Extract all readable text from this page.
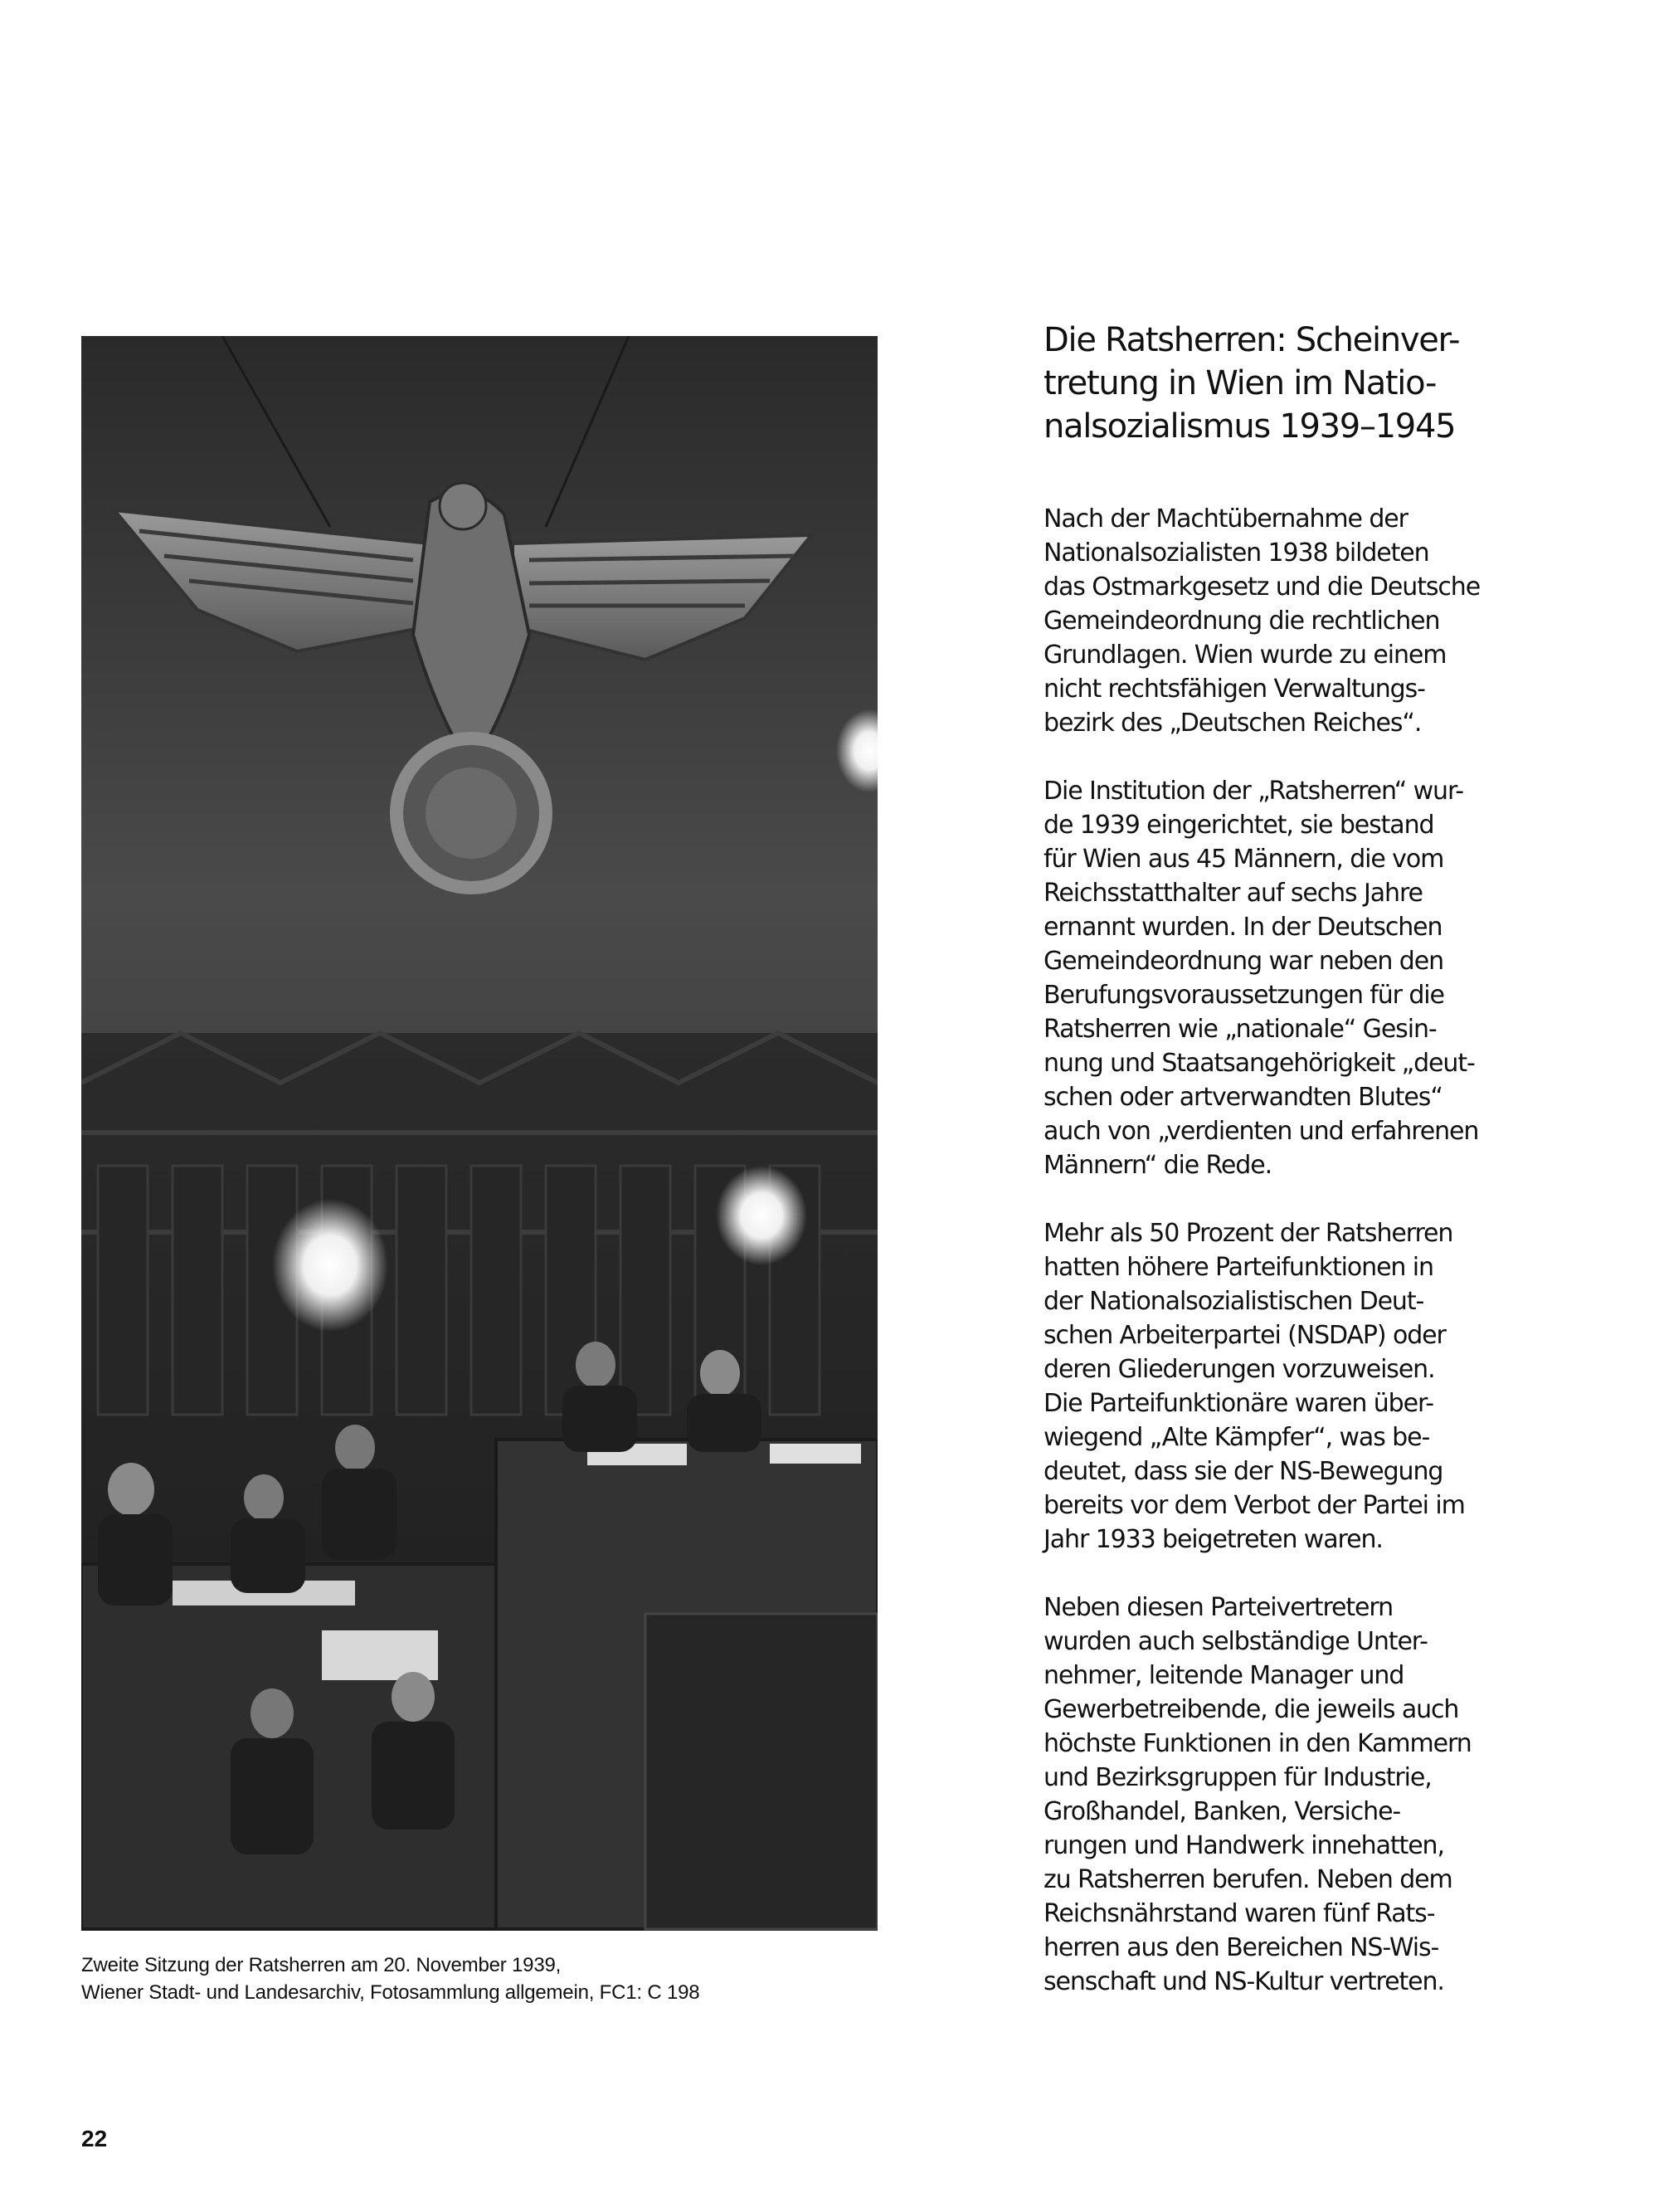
Zweite Sitzung der Ratsherren am 20. November 1939,
Wiener Stadt- und Landesarchiv, Fotosammlung allgemein, FC1: C 198
Die Ratsherren: Scheinver-
tretung in Wien im Natio-
nalsozialismus 1939–1945
Nach der Machtübernahme der
Nationalsozialisten 1938 bildeten
das Ostmarkgesetz und die Deutsche
Gemeindeordnung die rechtlichen
Grundlagen. Wien wurde zu einem
nicht rechtsfähigen Verwaltungs-
bezirk des „Deutschen Reiches“.
Die Institution der „Ratsherren“ wur-
de 1939 eingerichtet, sie bestand
für Wien aus 45 Männern, die vom
Reichsstatthalter auf sechs Jahre
ernannt wurden. In der Deutschen
Gemeindeordnung war neben den
Berufungsvoraussetzungen für die
Ratsherren wie „nationale“ Gesin-
nung und Staatsangehörigkeit „deut-
schen oder artverwandten Blutes“
auch von „verdienten und erfahrenen
Männern“ die Rede.
Mehr als 50 Prozent der Ratsherren
hatten höhere Parteifunktionen in
der Nationalsozialistischen Deut-
schen Arbeiterpartei (NSDAP) oder
deren Gliederungen vorzuweisen.
Die Parteifunktionäre waren über-
wiegend „Alte Kämpfer“, was be-
deutet, dass sie der NS-Bewegung
bereits vor dem Verbot der Partei im
Jahr 1933 beigetreten waren.
Neben diesen Parteivertretern
wurden auch selbständige Unter-
nehmer, leitende Manager und
Gewerbetreibende, die jeweils auch
höchste Funktionen in den Kammern
und Bezirksgruppen für Industrie,
Großhandel, Banken, Versiche-
rungen und Handwerk innehatten,
zu Ratsherren berufen. Neben dem
Reichsnährstand waren fünf Rats-
herren aus den Bereichen NS-Wis-
senschaft und NS-Kultur vertreten.
22
